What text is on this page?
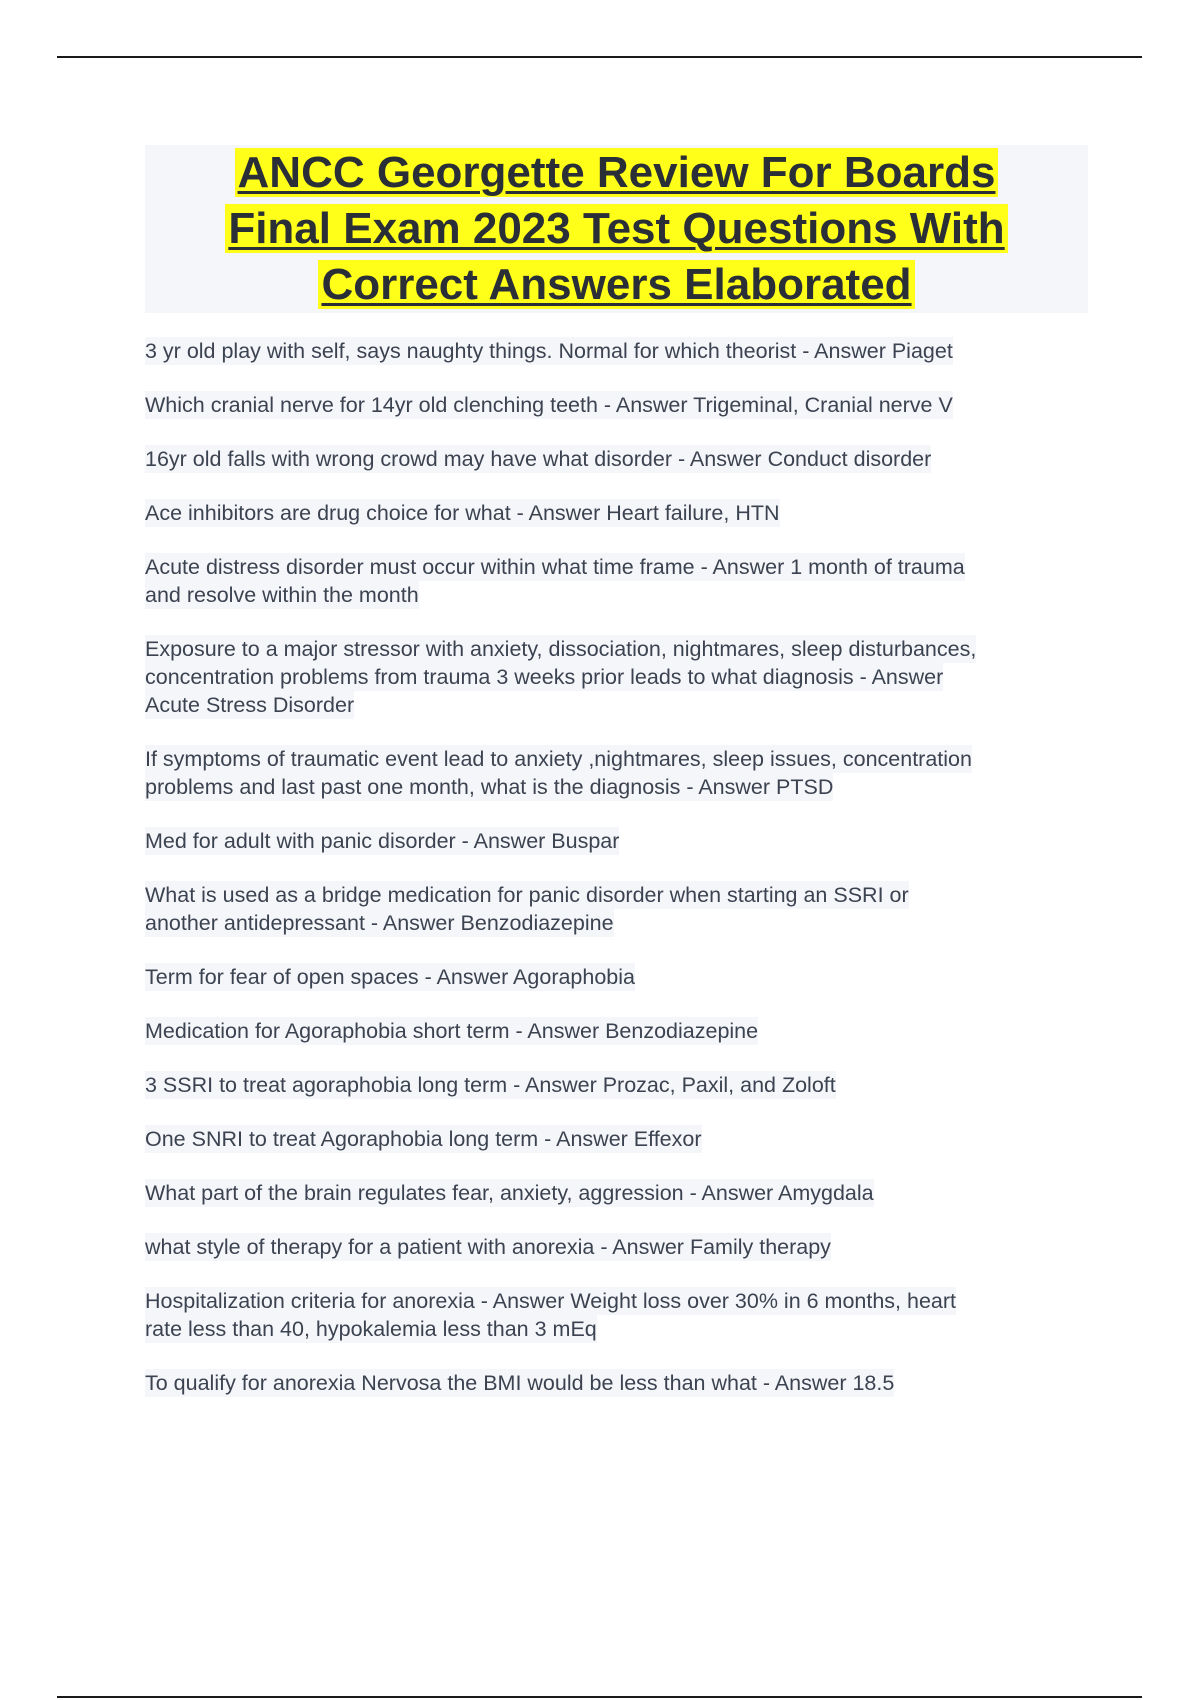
ANCC Georgette Review For Boards
Final Exam 2023 Test Questions With
Correct Answers Elaborated
3 yr old play with self, says naughty things. Normal for which theorist - Answer Piaget
Which cranial nerve for 14yr old clenching teeth - Answer Trigeminal, Cranial nerve V
16yr old falls with wrong crowd may have what disorder - Answer Conduct disorder
Ace inhibitors are drug choice for what - Answer Heart failure, HTN
Acute distress disorder must occur within what time frame - Answer 1 month of trauma
and resolve within the month
Exposure to a major stressor with anxiety, dissociation, nightmares, sleep disturbances,
concentration problems from trauma 3 weeks prior leads to what diagnosis - Answer
Acute Stress Disorder
If symptoms of traumatic event lead to anxiety ,nightmares, sleep issues, concentration
problems and last past one month, what is the diagnosis - Answer PTSD
Med for adult with panic disorder - Answer Buspar
What is used as a bridge medication for panic disorder when starting an SSRI or
another antidepressant - Answer Benzodiazepine
Term for fear of open spaces - Answer Agoraphobia
Medication for Agoraphobia short term - Answer Benzodiazepine
3 SSRI to treat agoraphobia long term - Answer Prozac, Paxil, and Zoloft
One SNRI to treat Agoraphobia long term - Answer Effexor
What part of the brain regulates fear, anxiety, aggression - Answer Amygdala
what style of therapy for a patient with anorexia - Answer Family therapy
Hospitalization criteria for anorexia - Answer Weight loss over 30% in 6 months, heart
rate less than 40, hypokalemia less than 3 mEq
To qualify for anorexia Nervosa the BMI would be less than what - Answer 18.5
